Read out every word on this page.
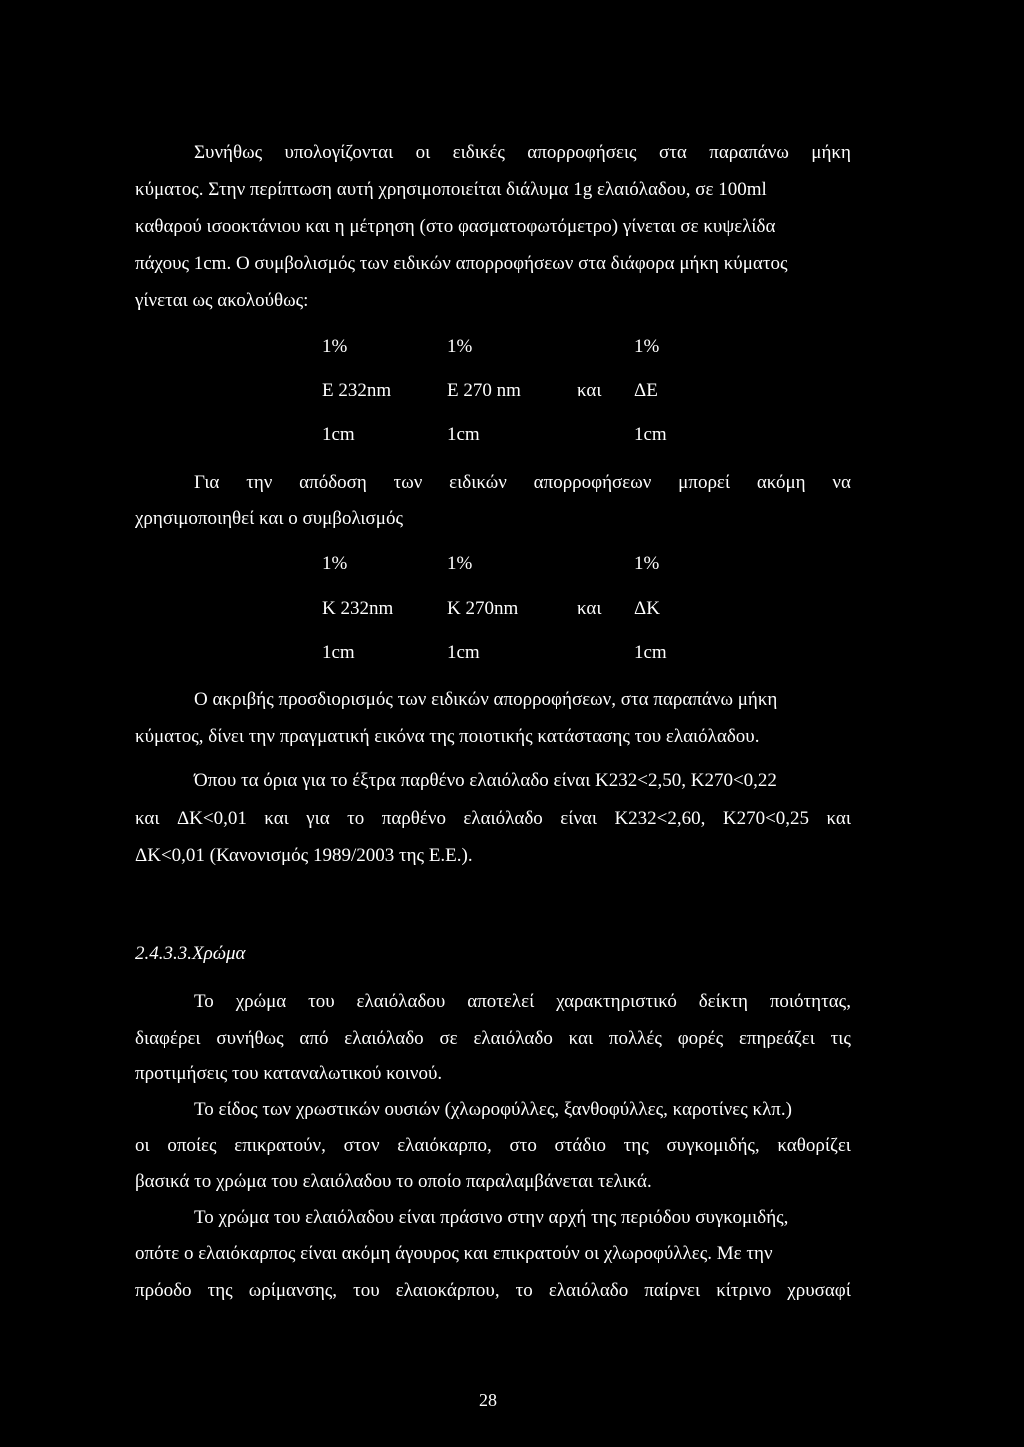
Συνήθως υπολογίζονται οι ειδικές απορροφήσεις στα παραπάνω μήκη
κύματος. Στην περίπτωση αυτή χρησιμοποιείται διάλυμα 1g ελαιόλαδου, σε 100ml
καθαρού ισοοκτάνιου και η μέτρηση (στο φασματοφωτόμετρο) γίνεται σε κυψελίδα
πάχους 1cm. Ο συμβολισμός των ειδικών απορροφήσεων στα διάφορα μήκη κύματος
γίνεται ως ακολούθως:
1%	1%	1%
E 232nm	E 270 nm	και ΔE
1cm	1cm	1cm
Για την απόδοση των ειδικών απορροφήσεων μπορεί ακόμη να
χρησιμοποιηθεί και ο συμβολισμός
1%	1%	1%
K 232nm	K 270nm	και ΔK
1cm	1cm	1cm
Ο ακριβής προσδιορισμός των ειδικών απορροφήσεων, στα παραπάνω μήκη
κύματος, δίνει την πραγματική εικόνα της ποιοτικής κατάστασης του ελαιόλαδου.
Όπου τα όρια για το έξτρα παρθένο ελαιόλαδο είναι K232<2,50, K270<0,22
και ΔK<0,01 και για το παρθένο ελαιόλαδο είναι K232<2,60, K270<0,25 και
ΔK<0,01 (Κανονισμός 1989/2003 της Ε.Ε.).
2.4.3.3.Χρώμα
Το χρώμα του ελαιόλαδου αποτελεί χαρακτηριστικό δείκτη ποιότητας,
διαφέρει συνήθως από ελαιόλαδο σε ελαιόλαδο και πολλές φορές επηρεάζει τις
προτιμήσεις του καταναλωτικού κοινού.
Το είδος των χρωστικών ουσιών (χλωροφύλλες, ξανθοφύλλες, καροτίνες κλπ.)
οι οποίες επικρατούν, στον ελαιόκαρπο, στο στάδιο της συγκομιδής, καθορίζει
βασικά το χρώμα του ελαιόλαδου το οποίο παραλαμβάνεται τελικά.
Το χρώμα του ελαιόλαδου είναι πράσινο στην αρχή της περιόδου συγκομιδής,
οπότε ο ελαιόκαρπος είναι ακόμη άγουρος και επικρατούν οι χλωροφύλλες. Με την
πρόοδο της ωρίμανσης, του ελαιοκάρπου, το ελαιόλαδο παίρνει κίτρινο χρυσαφί
28
